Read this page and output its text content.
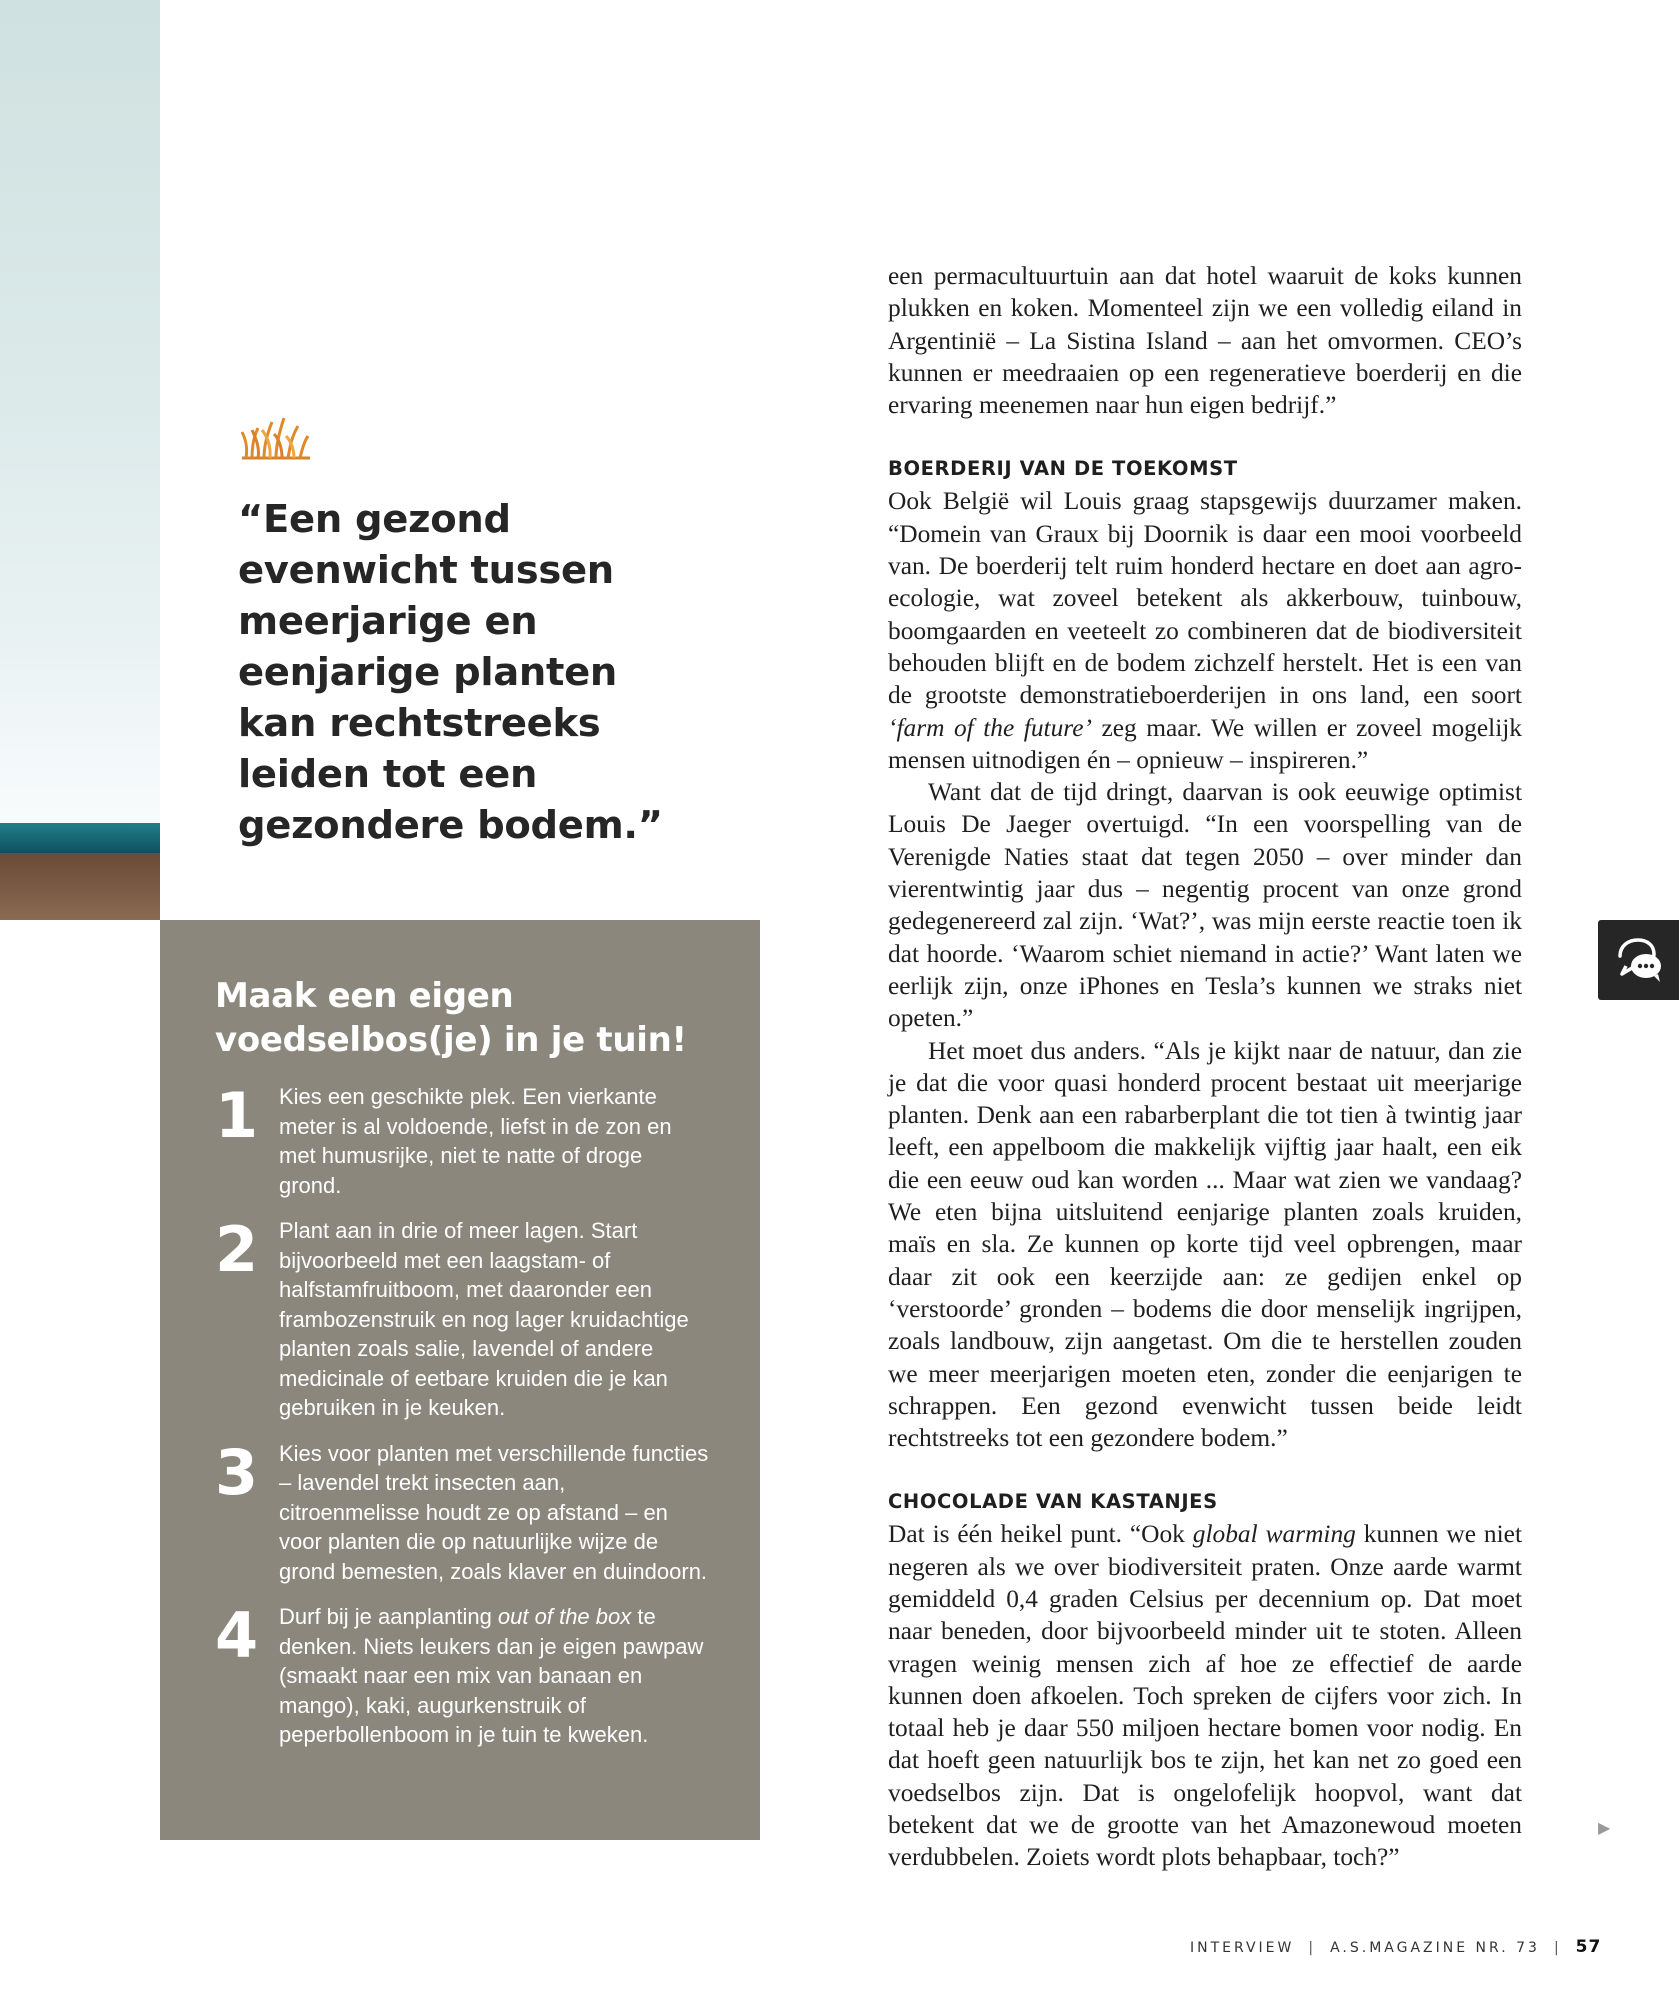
“Een gezond evenwicht tussen meerjarige en eenjarige planten kan rechtstreeks leiden tot een gezondere bodem.”

Maak een eigen voedselbos(je) in je tuin!
1 Kies een geschikte plek. Een vierkante meter is al voldoende, liefst in de zon en met humusrijke, niet te natte of droge grond.

2 Plant aan in drie of meer lagen. Start bijvoorbeeld met een laagstam- of halfstamfruitboom, met daaronder een frambozenstruik en nog lager kruidachtige planten zoals salie, lavendel of andere medicinale of eetbare kruiden die je kan gebruiken in je keuken.

3 Kies voor planten met verschillende functies – lavendel trekt insecten aan, citroenmelisse houdt ze op afstand – en voor planten die op natuurlijke wijze de grond bemesten, zoals klaver en duindoorn.

4 Durf bij je aanplanting out of the box te denken. Niets leukers dan je eigen pawpaw (smaakt naar een mix van banaan en mango), kaki, augurkenstruik of peperbollenboom in je tuin te kweken.

een permacultuurtuin aan dat hotel waaruit de koks kunnen plukken en koken. Momenteel zijn we een volledig eiland in Argentinië – La Sistina Island – aan het omvormen. CEO’s kunnen er meedraaien op een regeneratieve boerderij en die ervaring meenemen naar hun eigen bedrijf.”

BOERDERIJ VAN DE TOEKOMST

Ook België wil Louis graag stapsgewijs duurzamer maken. “Domein van Graux bij Doornik is daar een mooi voorbeeld van. De boerderij telt ruim honderd hectare en doet aan agro-ecologie, wat zoveel betekent als akkerbouw, tuinbouw, boomgaarden en veeteelt zo combineren dat de biodiversiteit behouden blijft en de bodem zichzelf herstelt. Het is een van de grootste demonstratieboerderijen in ons land, een soort ‘farm of the future’ zeg maar. We willen er zoveel mogelijk mensen uitnodigen én – opnieuw – inspireren.”

Want dat de tijd dringt, daarvan is ook eeuwige optimist Louis De Jaeger overtuigd. “In een voorspelling van de Verenigde Naties staat dat tegen 2050 – over minder dan vierentwintig jaar dus – negentig procent van onze grond gedegenereerd zal zijn. ‘Wat?’, was mijn eerste reactie toen ik dat hoorde. ‘Waarom schiet niemand in actie?’ Want laten we eerlijk zijn, onze iPhones en Tesla’s kunnen we straks niet opeten.”

Het moet dus anders. “Als je kijkt naar de natuur, dan zie je dat die voor quasi honderd procent bestaat uit meerjarige planten. Denk aan een rabarberplant die tot tien à twintig jaar leeft, een appelboom die makkelijk vijftig jaar haalt, een eik die een eeuw oud kan worden ... Maar wat zien we vandaag? We eten bijna uitsluitend eenjarige planten zoals kruiden, maïs en sla. Ze kunnen op korte tijd veel opbrengen, maar daar zit ook een keerzijde aan: ze gedijen enkel op ‘verstoorde’ gronden – bodems die door menselijk ingrijpen, zoals landbouw, zijn aangetast. Om die te herstellen zouden we meer meerjarigen moeten eten, zonder die eenjarigen te schrappen. Een gezond evenwicht tussen beide leidt rechtstreeks tot een gezondere bodem.”

CHOCOLADE VAN KASTANJES

Dat is één heikel punt. “Ook global warming kunnen we niet negeren als we over biodiversiteit praten. Onze aarde warmt gemiddeld 0,4 graden Celsius per decennium op. Dat moet naar beneden, door bijvoorbeeld minder uit te stoten. Alleen vragen weinig mensen zich af hoe ze effectief de aarde kunnen doen afkoelen. Toch spreken de cijfers voor zich. In totaal heb je daar 550 miljoen hectare bomen voor nodig. En dat hoeft geen natuurlijk bos te zijn, het kan net zo goed een voedselbos zijn. Dat is ongelofelijk hoopvol, want dat betekent dat we de grootte van het Amazonewoud moeten verdubbelen. Zoiets wordt plots behapbaar, toch?”

▶
INTERVIEW | A.S.MAGAZINE NR. 73 | 57
